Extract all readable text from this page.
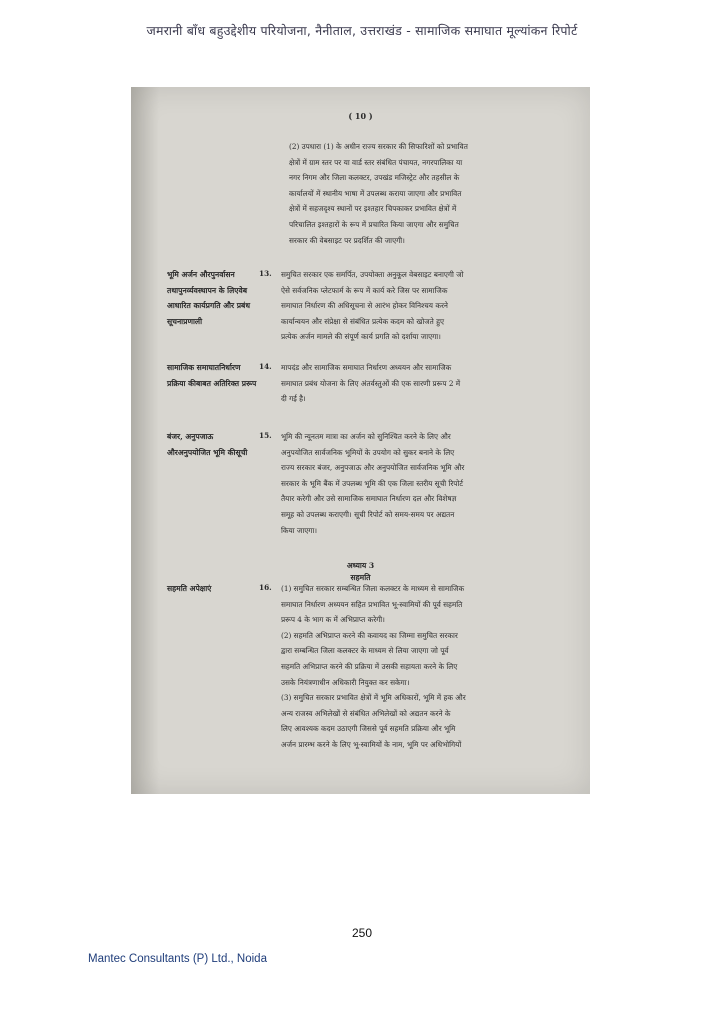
जमरानी बाँध बहुउद्देशीय परियोजना, नैनीताल, उत्तराखंड - सामाजिक समाघात मूल्यांकन रिपोर्ट
( 10 )
(2) उपधारा (1) के अधीन राज्य सरकार की सिफारिशों को प्रभावित
क्षेत्रों में ग्राम स्तर पर या वार्ड स्तर संबंधित पंचायत, नगरपालिका या
नगर निगम और जिला कलक्टर, उपखंड मजिस्ट्रेट और तहसील के
कार्यालयों में स्थानीय भाषा में उपलब्ध कराया जाएगा और प्रभावित
क्षेत्रों में सहजदृश्य स्थानों पर इश्तहार चिपकाकर प्रभावित क्षेत्रों में
परिचालित इश्तहारों के रूप में प्रचारित किया जाएगा और समुचित
सरकार की वेबसाइट पर प्रदर्शित की जाएगी।
भूमि अर्जन औरपुनर्वासन तथापुनर्व्यवस्थापन के लिएवेब आधारित कार्यप्रगति और प्रबंध सूचनाप्रणाली
13. समुचित सरकार एक समर्पित, उपयोक्ता अनुकूल वेबसाइट बनाएगी जो
ऐसे सर्वजनिक प्लेटफार्म के रूप में कार्य करे जिस पर सामाजिक
समाघात निर्धारण की अधिसूचना से आरंभ होकर विनिश्चय करने
कार्यान्वयन और संप्रेक्षा से संबंधित प्रत्येक कदम को खोजते हुए
प्रत्येक अर्जन मामले की संपूर्ण कार्य प्रगति को दर्शाया जाएगा।
सामाजिक समाघातनिर्धारण प्रक्रिया कीबाबत अतिरिक्त प्ररूप
14. मापदंड और सामाजिक समाघात निर्धारण अध्ययन और सामाजिक
समाघात प्रबंध योजना के लिए अंतर्वस्तुओं की एक सारणी प्ररूप 2 में
दी गई है।
बंजर, अनुपजाऊ औरअनुपयोजित भूमि कीसूची
15. भूमि की न्यूनतम मात्रा का अर्जन को सुनिश्चित करने के लिए और
अनुपयोजित सार्वजनिक भूमियों के उपयोग को सुकर बनाने के लिए
राज्य सरकार बंजर, अनुपजाऊ और अनुपयोजित सार्वजनिक भूमि और
सरकार के भूमि बैंक में उपलब्ध भूमि की एक जिला स्तरीय सूची रिपोर्ट
तैयार करेगी और उसे सामाजिक समाघात निर्धारण दल और विशेषज्ञ
समूह को उपलब्ध कराएगी। सूची रिपोर्ट को समय-समय पर अद्यतन
किया जाएगा।
अध्याय 3
सहमति
सहमति अपेक्षाएं	16. (1) समुचित सरकार सम्बन्धित जिला कलक्टर के माध्यम से सामाजिक
समाघात निर्धारण अध्ययन सहित प्रभावित भू-स्वामियों की पूर्व सहमति
प्ररूप 4 के भाग क में अभिप्राप्त करेगी।
(2) सहमति अभिप्राप्त करने की कवायद का जिम्मा समुचित सरकार
द्वारा सम्बन्धित जिला कलक्टर के माध्यम से लिया जाएगा जो पूर्व
सहमति अभिप्राप्त करने की प्रक्रिया में उसकी सहायता करने के लिए
उसके नियंत्रणाधीन अधिकारी नियुक्त कर सकेगा।
(3) समुचित सरकार प्रभावित क्षेत्रों में भूमि अधिकारों, भूमि में हक और
अन्य राजस्व अभिलेखों से संबंधित अभिलेखों को अद्यतन करने के
लिए आवश्यक कदम उठाएगी जिससे पूर्व सहमति प्रक्रिया और भूमि
अर्जन प्रारम्भ करने के लिए भू-स्वामियों के नाम, भूमि पर अधिभोगियों
250
Mantec Consultants (P) Ltd., Noida
